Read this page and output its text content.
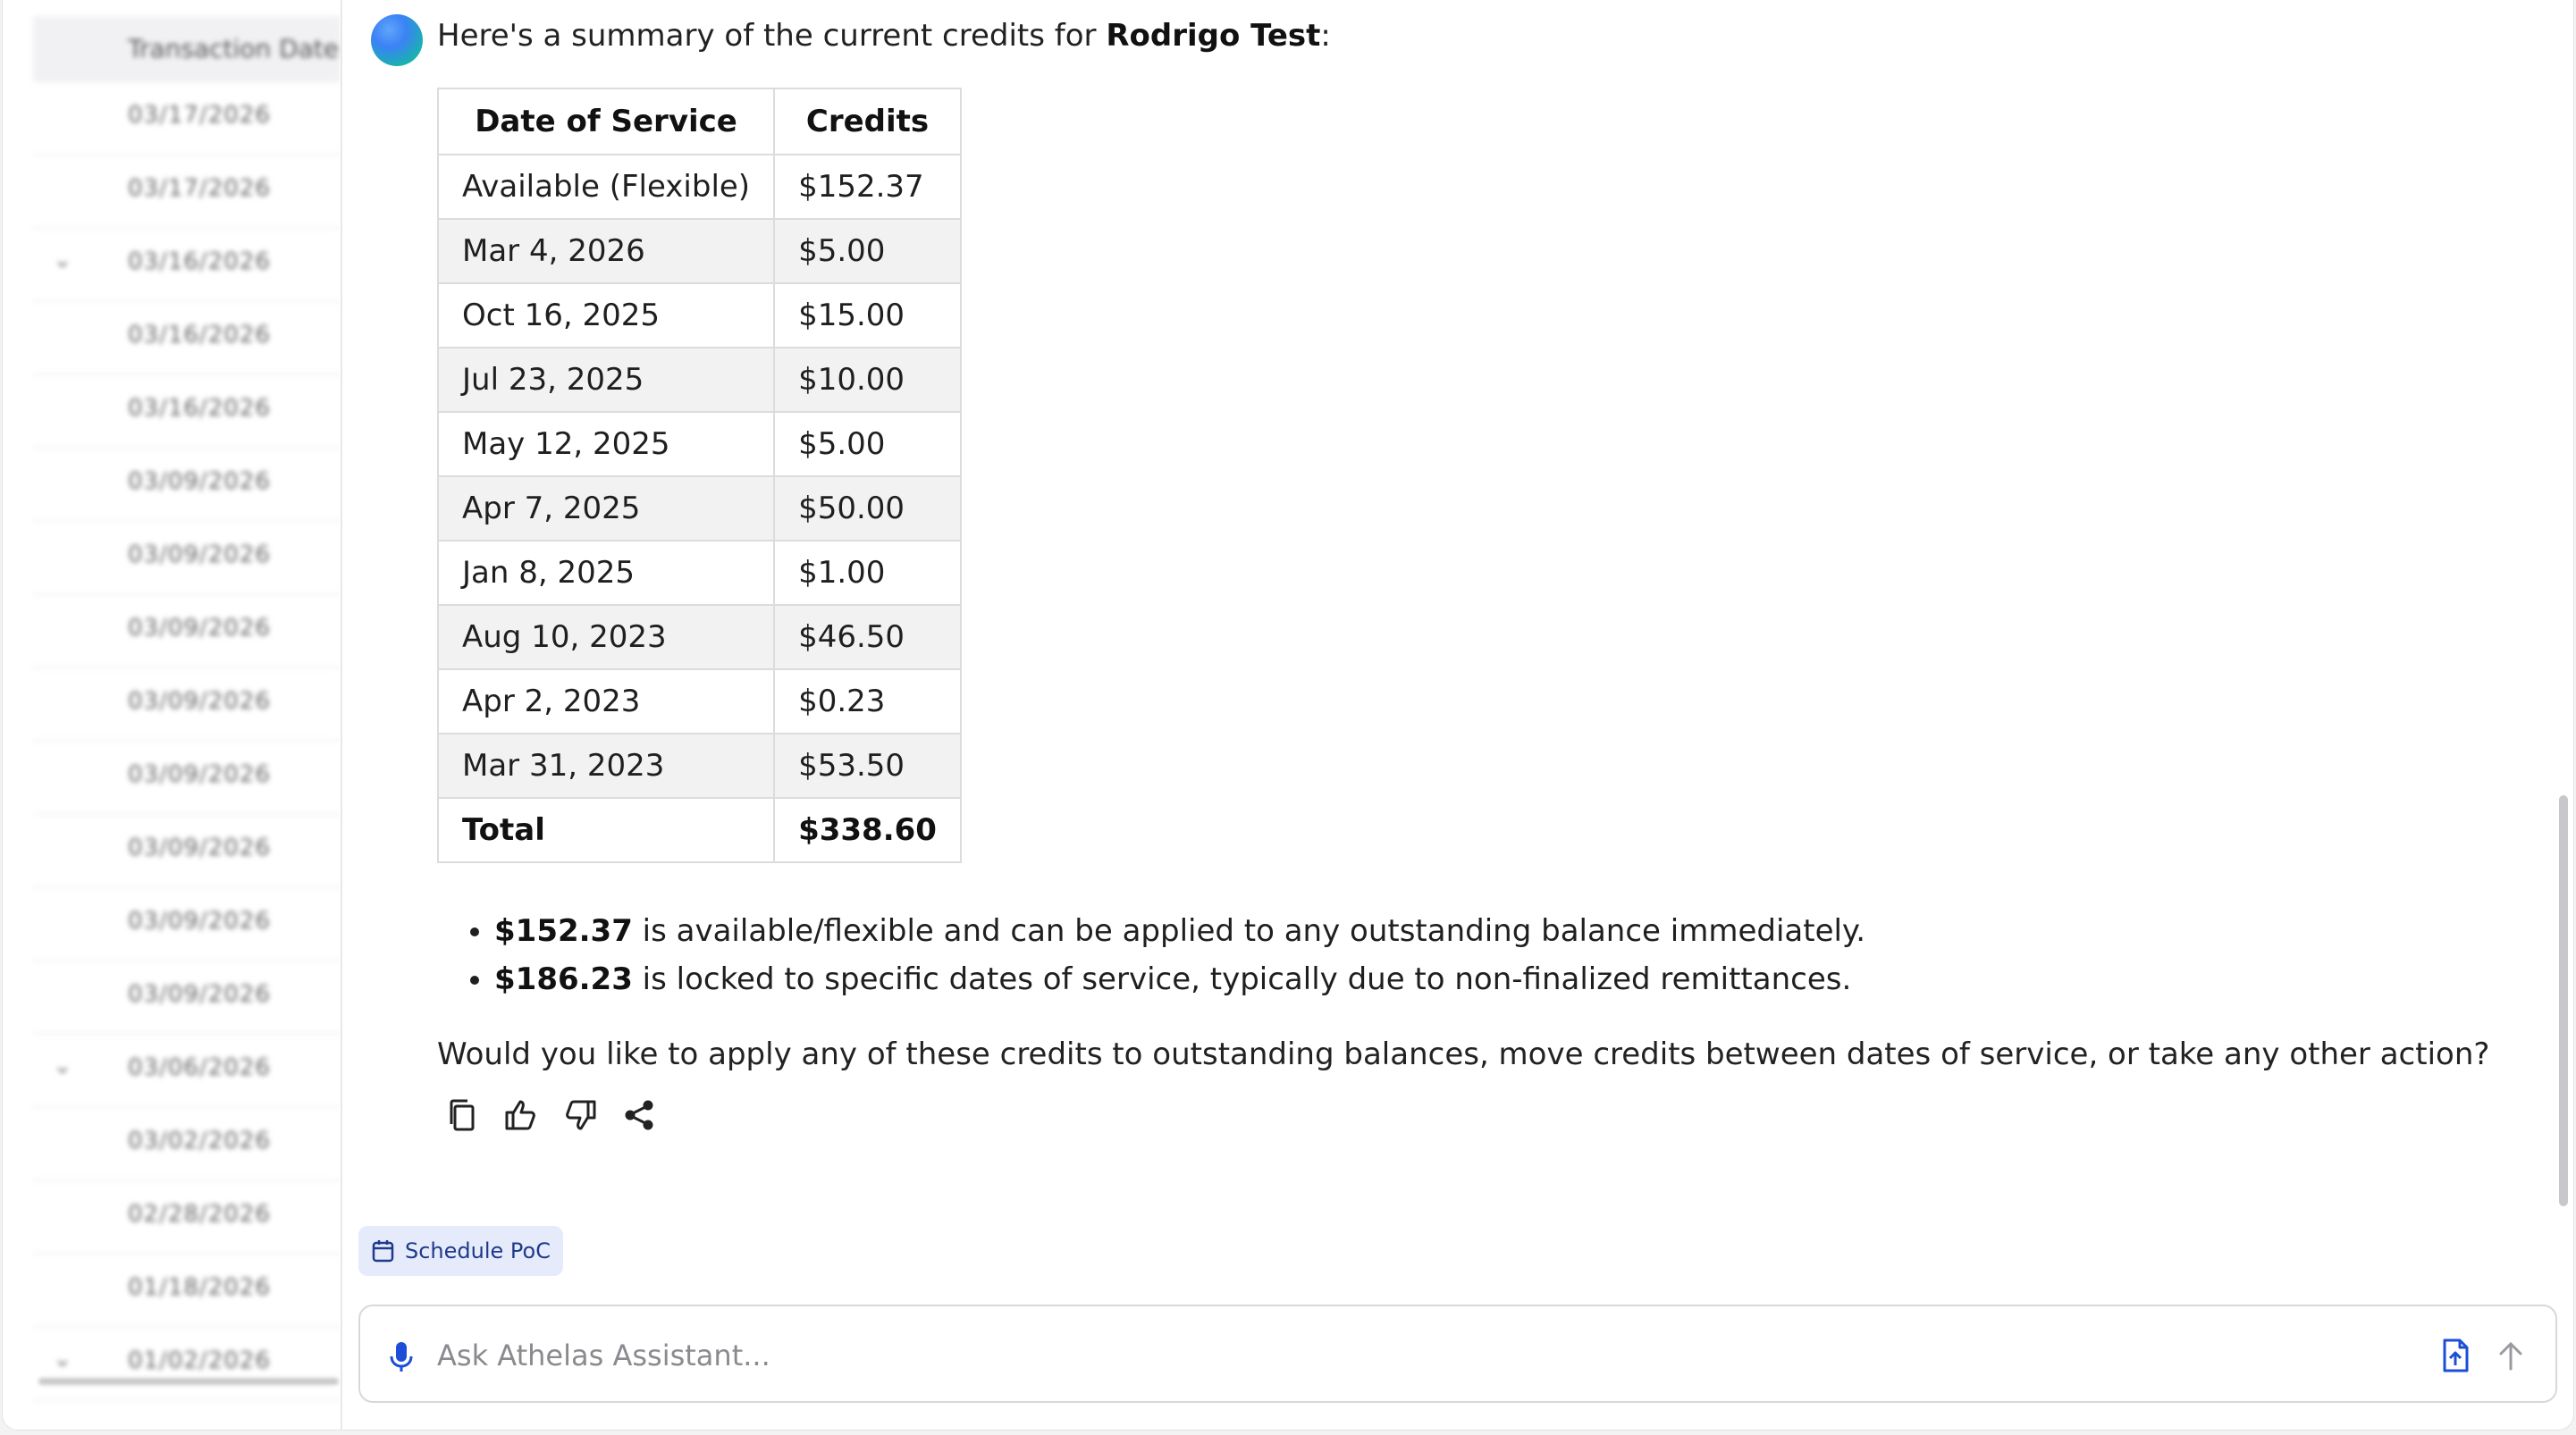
Transaction Date
03/17/2026
03/17/2026
⌄ 03/16/2026
03/16/2026
03/16/2026
03/09/2026
03/09/2026
03/09/2026
03/09/2026
03/09/2026
03/09/2026
03/09/2026
03/09/2026
⌄ 03/06/2026
03/02/2026
02/28/2026
01/18/2026
⌄ 01/02/2026
Here's a summary of the current credits for Rodrigo Test:
Date of Service	Credits
Available (Flexible)	$152.37
Mar 4, 2026	$5.00
Oct 16, 2025	$15.00
Jul 23, 2025	$10.00
May 12, 2025	$5.00
Apr 7, 2025	$50.00
Jan 8, 2025	$1.00
Aug 10, 2023	$46.50
Apr 2, 2023	$0.23
Mar 31, 2023	$53.50
Total	$338.60
• $152.37 is available/flexible and can be applied to any outstanding balance immediately.
• $186.23 is locked to specific dates of service, typically due to non-finalized remittances.
Would you like to apply any of these credits to outstanding balances, move credits between dates of service, or take any other action?
Schedule PoC
Ask Athelas Assistant...
